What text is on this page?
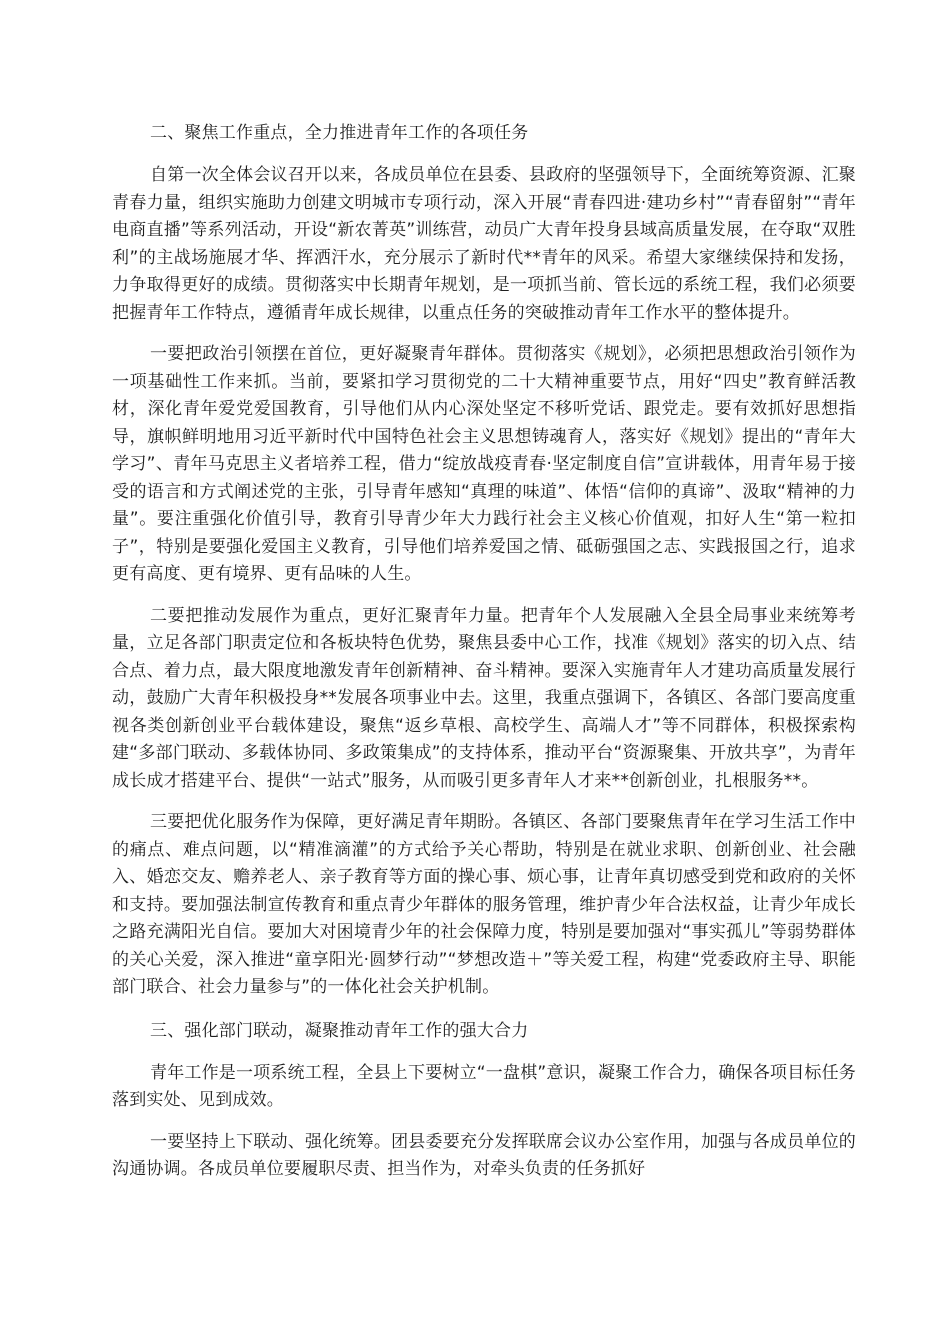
二、聚焦工作重点，全力推进青年工作的各项任务

自第一次全体会议召开以来，各成员单位在县委、县政府的坚强领导下，全面统筹资源、汇聚青春力量，组织实施助力创建文明城市专项行动，深入开展“青春四进·建功乡村”“青春留射”“青年电商直播”等系列活动，开设“新农菁英”训练营，动员广大青年投身县域高质量发展，在夺取“双胜利”的主战场施展才华、挥洒汗水，充分展示了新时代**青年的风采。希望大家继续保持和发扬，力争取得更好的成绩。贯彻落实中长期青年规划，是一项抓当前、管长远的系统工程，我们必须要把握青年工作特点，遵循青年成长规律，以重点任务的突破推动青年工作水平的整体提升。

一要把政治引领摆在首位，更好凝聚青年群体。贯彻落实《规划》，必须把思想政治引领作为一项基础性工作来抓。当前，要紧扣学习贯彻党的二十大精神重要节点，用好“四史”教育鲜活教材，深化青年爱党爱国教育，引导他们从内心深处坚定不移听党话、跟党走。要有效抓好思想指导，旗帜鲜明地用习近平新时代中国特色社会主义思想铸魂育人，落实好《规划》提出的“青年大学习”、青年马克思主义者培养工程，借力“绽放战疫青春·坚定制度自信”宣讲载体，用青年易于接受的语言和方式阐述党的主张，引导青年感知“真理的味道”、体悟“信仰的真谛”、汲取“精神的力量”。要注重强化价值引导，教育引导青少年大力践行社会主义核心价值观，扣好人生“第一粒扣子”，特别是要强化爱国主义教育，引导他们培养爱国之情、砥砺强国之志、实践报国之行，追求更有高度、更有境界、更有品味的人生。

二要把推动发展作为重点，更好汇聚青年力量。把青年个人发展融入全县全局事业来统筹考量，立足各部门职责定位和各板块特色优势，聚焦县委中心工作，找准《规划》落实的切入点、结合点、着力点，最大限度地激发青年创新精神、奋斗精神。要深入实施青年人才建功高质量发展行动，鼓励广大青年积极投身**发展各项事业中去。这里，我重点强调下，各镇区、各部门要高度重视各类创新创业平台载体建设，聚焦“返乡草根、高校学生、高端人才”等不同群体，积极探索构建“多部门联动、多载体协同、多政策集成”的支持体系，推动平台“资源聚集、开放共享”，为青年成长成才搭建平台、提供“一站式”服务，从而吸引更多青年人才来**创新创业，扎根服务**。

三要把优化服务作为保障，更好满足青年期盼。各镇区、各部门要聚焦青年在学习生活工作中的痛点、难点问题，以“精准滴灌”的方式给予关心帮助，特别是在就业求职、创新创业、社会融入、婚恋交友、赡养老人、亲子教育等方面的操心事、烦心事，让青年真切感受到党和政府的关怀和支持。要加强法制宣传教育和重点青少年群体的服务管理，维护青少年合法权益，让青少年成长之路充满阳光自信。要加大对困境青少年的社会保障力度，特别是要加强对“事实孤儿”等弱势群体的关心关爱，深入推进“童享阳光·圆梦行动”“梦想改造＋”等关爱工程，构建“党委政府主导、职能部门联合、社会力量参与”的一体化社会关护机制。

三、强化部门联动，凝聚推动青年工作的强大合力

青年工作是一项系统工程，全县上下要树立“一盘棋”意识，凝聚工作合力，确保各项目标任务落到实处、见到成效。

一要坚持上下联动、强化统筹。团县委要充分发挥联席会议办公室作用，加强与各成员单位的沟通协调。各成员单位要履职尽责、担当作为，对牵头负责的任务抓好
